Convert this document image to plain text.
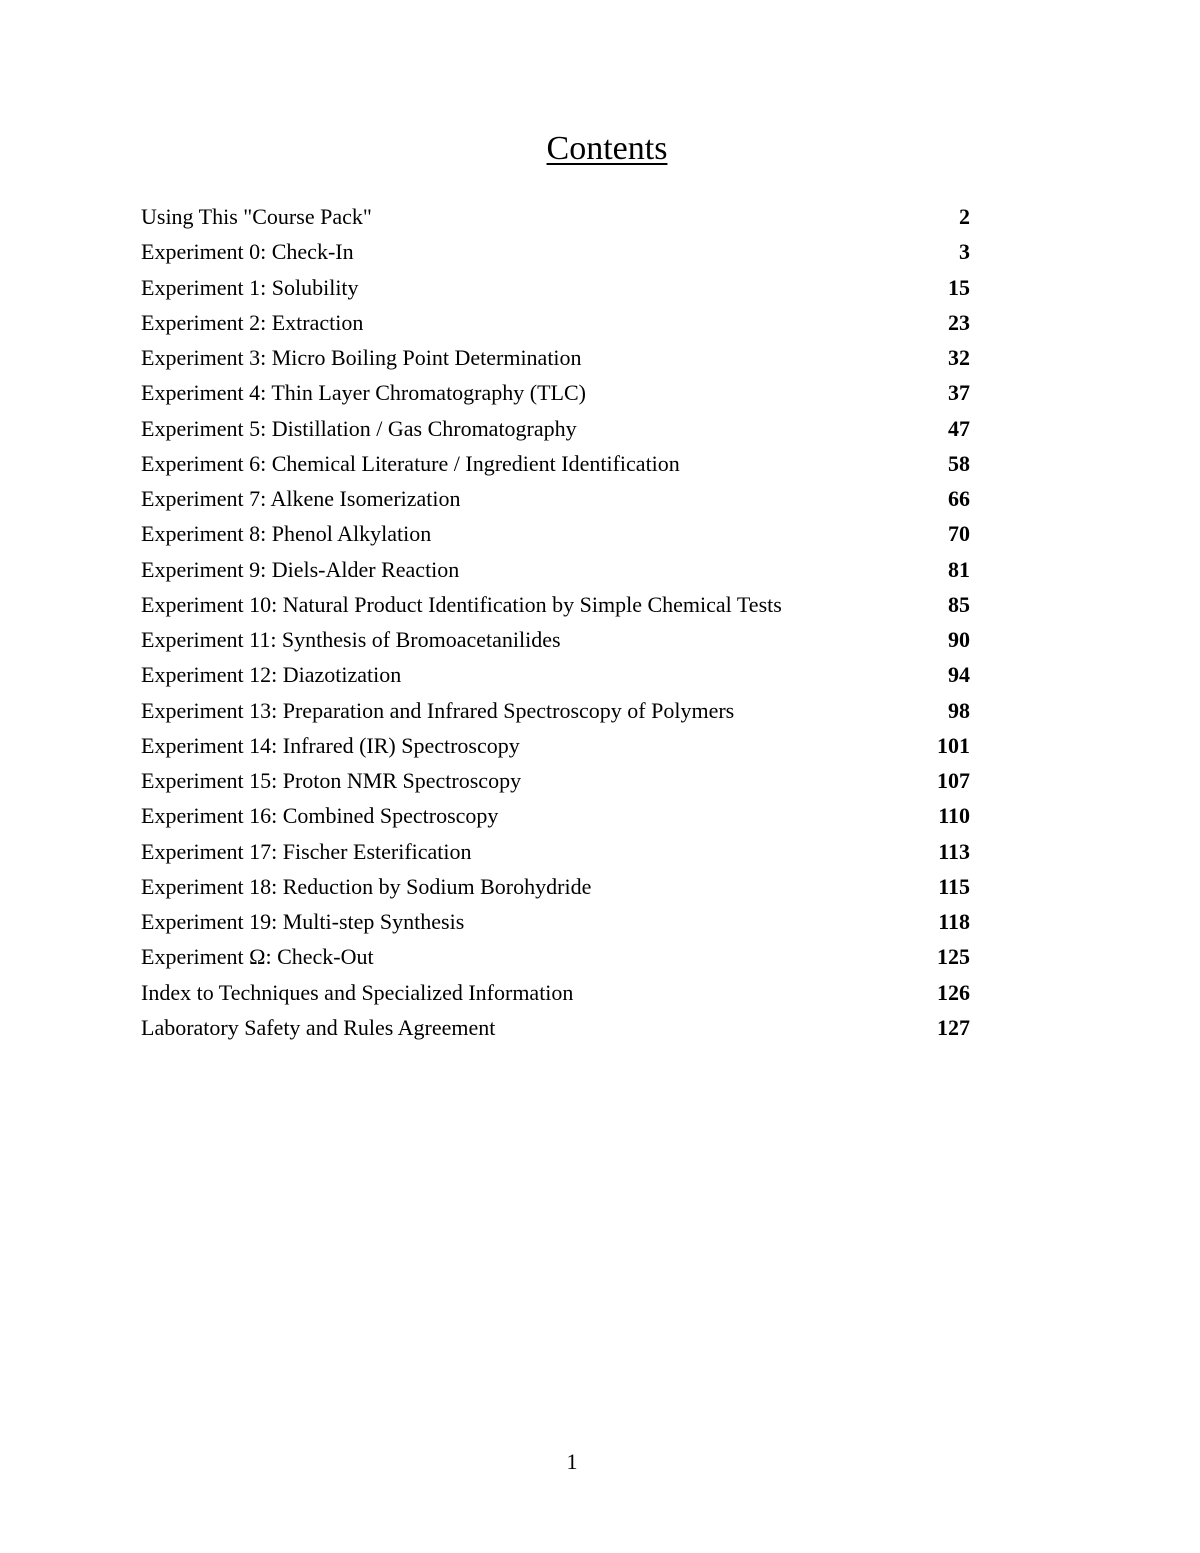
Contents
Using This "Course Pack"	2
Experiment 0: Check-In	3
Experiment 1: Solubility	15
Experiment 2: Extraction	23
Experiment 3: Micro Boiling Point Determination	32
Experiment 4: Thin Layer Chromatography (TLC)	37
Experiment 5: Distillation / Gas Chromatography	47
Experiment 6: Chemical Literature / Ingredient Identification	58
Experiment 7: Alkene Isomerization	66
Experiment 8: Phenol Alkylation	70
Experiment 9: Diels-Alder Reaction	81
Experiment 10: Natural Product Identification by Simple Chemical Tests	85
Experiment 11: Synthesis of Bromoacetanilides	90
Experiment 12: Diazotization	94
Experiment 13: Preparation and Infrared Spectroscopy of Polymers	98
Experiment 14: Infrared (IR) Spectroscopy	101
Experiment 15: Proton NMR Spectroscopy	107
Experiment 16: Combined Spectroscopy	110
Experiment 17: Fischer Esterification	113
Experiment 18: Reduction by Sodium Borohydride	115
Experiment 19: Multi-step Synthesis	118
Experiment Ω: Check-Out	125
Index to Techniques and Specialized Information	126
Laboratory Safety and Rules Agreement	127
1
